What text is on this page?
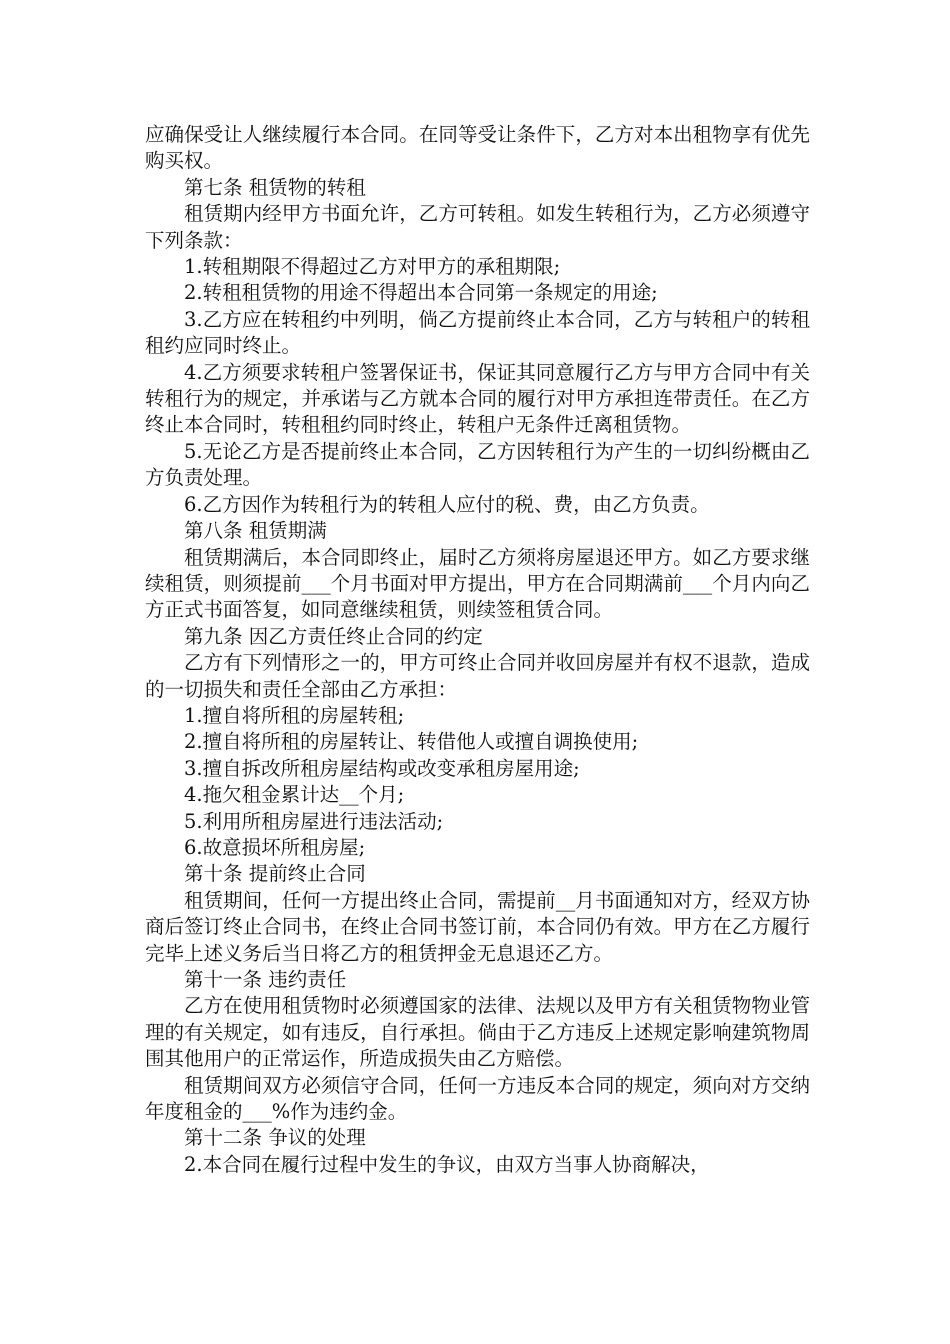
应确保受让人继续履行本合同。在同等受让条件下，乙方对本出租物享有优先购买权。

第七条 租赁物的转租

租赁期内经甲方书面允许，乙方可转租。如发生转租行为，乙方必须遵守下列条款：

1.转租期限不得超过乙方对甲方的承租期限;

2.转租租赁物的用途不得超出本合同第一条规定的用途;

3.乙方应在转租约中列明，倘乙方提前终止本合同，乙方与转租户的转租租约应同时终止。

4.乙方须要求转租户签署保证书，保证其同意履行乙方与甲方合同中有关转租行为的规定，并承诺与乙方就本合同的履行对甲方承担连带责任。在乙方终止本合同时，转租租约同时终止，转租户无条件迁离租赁物。

5.无论乙方是否提前终止本合同，乙方因转租行为产生的一切纠纷概由乙方负责处理。

6.乙方因作为转租行为的转租人应付的税、费，由乙方负责。

第八条 租赁期满

租赁期满后，本合同即终止，届时乙方须将房屋退还甲方。如乙方要求继续租赁，则须提前___个月书面对甲方提出，甲方在合同期满前___个月内向乙方正式书面答复，如同意继续租赁，则续签租赁合同。

第九条 因乙方责任终止合同的约定

乙方有下列情形之一的，甲方可终止合同并收回房屋并有权不退款，造成的一切损失和责任全部由乙方承担：

1.擅自将所租的房屋转租;

2.擅自将所租的房屋转让、转借他人或擅自调换使用;

3.擅自拆改所租房屋结构或改变承租房屋用途;

4.拖欠租金累计达__个月;

5.利用所租房屋进行违法活动;

6.故意损坏所租房屋;

第十条 提前终止合同

租赁期间，任何一方提出终止合同，需提前__月书面通知对方，经双方协商后签订终止合同书，在终止合同书签订前，本合同仍有效。甲方在乙方履行完毕上述义务后当日将乙方的租赁押金无息退还乙方。

第十一条 违约责任

乙方在使用租赁物时必须遵国家的法律、法规以及甲方有关租赁物物业管理的有关规定，如有违反，自行承担。倘由于乙方违反上述规定影响建筑物周围其他用户的正常运作，所造成损失由乙方赔偿。

租赁期间双方必须信守合同，任何一方违反本合同的规定，须向对方交纳年度租金的___%作为违约金。

第十二条 争议的处理

2.本合同在履行过程中发生的争议，由双方当事人协商解决，
